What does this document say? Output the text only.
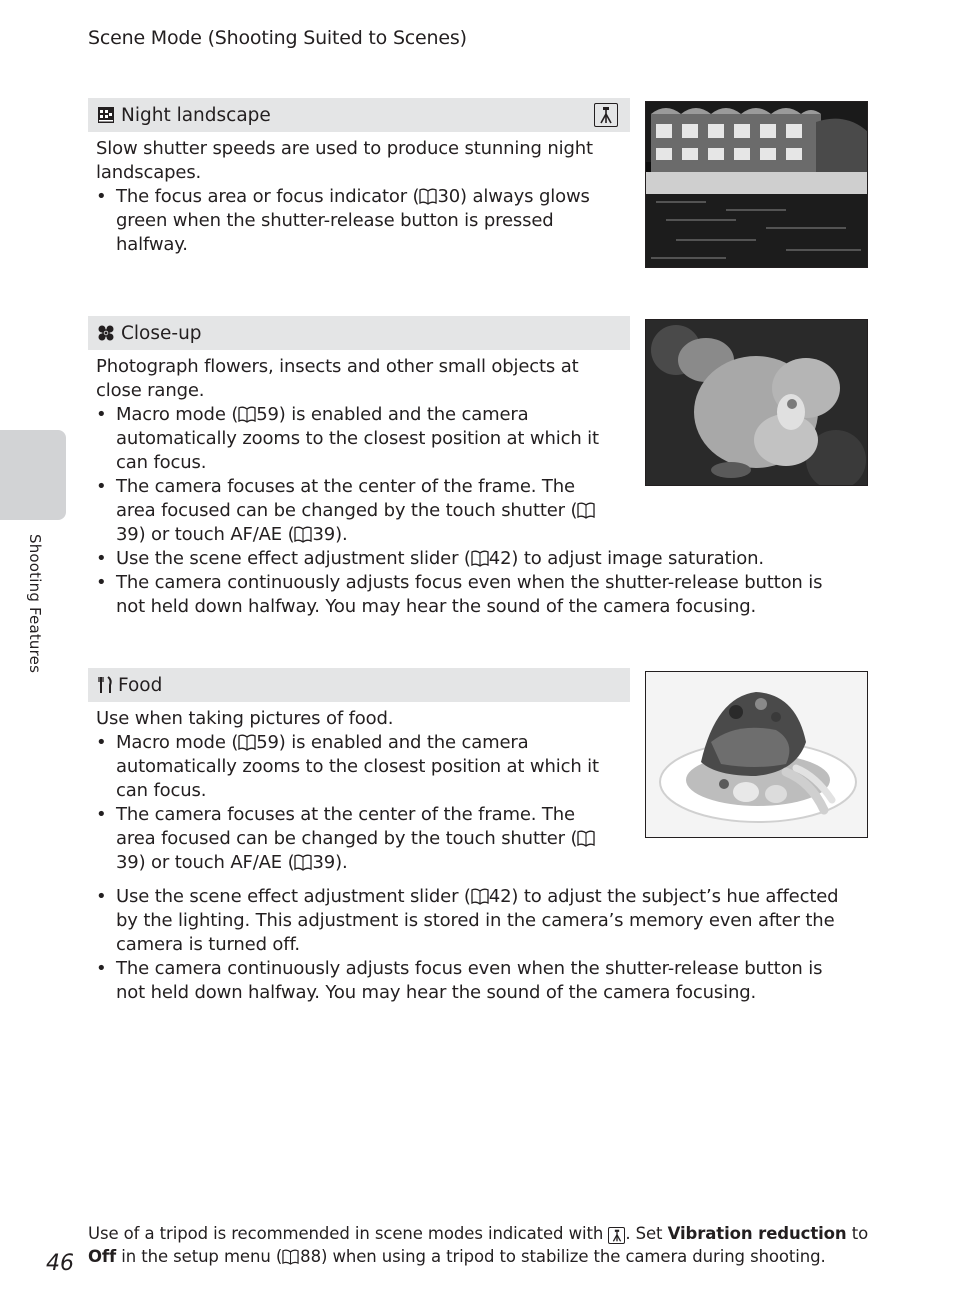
Scene Mode (Shooting Suited to Scenes)
Shooting Features
Night landscape
Slow shutter speeds are used to produce stunning night landscapes.
• The focus area or focus indicator ( 30) always glows green when the shutter-release button is pressed halfway.
Close-up
Photograph flowers, insects and other small objects at close range.
• Macro mode ( 59) is enabled and the camera automatically zooms to the closest position at which it can focus.
• The camera focuses at the center of the frame. The area focused can be changed by the touch shutter (39) or touch AF/AE ( 39).
• Use the scene effect adjustment slider ( 42) to adjust image saturation.
• The camera continuously adjusts focus even when the shutter-release button is not held down halfway. You may hear the sound of the camera focusing.
Food
Use when taking pictures of food.
• Macro mode ( 59) is enabled and the camera automatically zooms to the closest position at which it can focus.
• The camera focuses at the center of the frame. The area focused can be changed by the touch shutter (39) or touch AF/AE ( 39).
• Use the scene effect adjustment slider ( 42) to adjust the subject’s hue affected by the lighting. This adjustment is stored in the camera’s memory even after the camera is turned off.
• The camera continuously adjusts focus even when the shutter-release button is not held down halfway. You may hear the sound of the camera focusing.
Use of a tripod is recommended in scene modes indicated with
. Set Vibration reduction to Off in the setup menu ( 88) when using a tripod to stabilize the camera during shooting.
46
